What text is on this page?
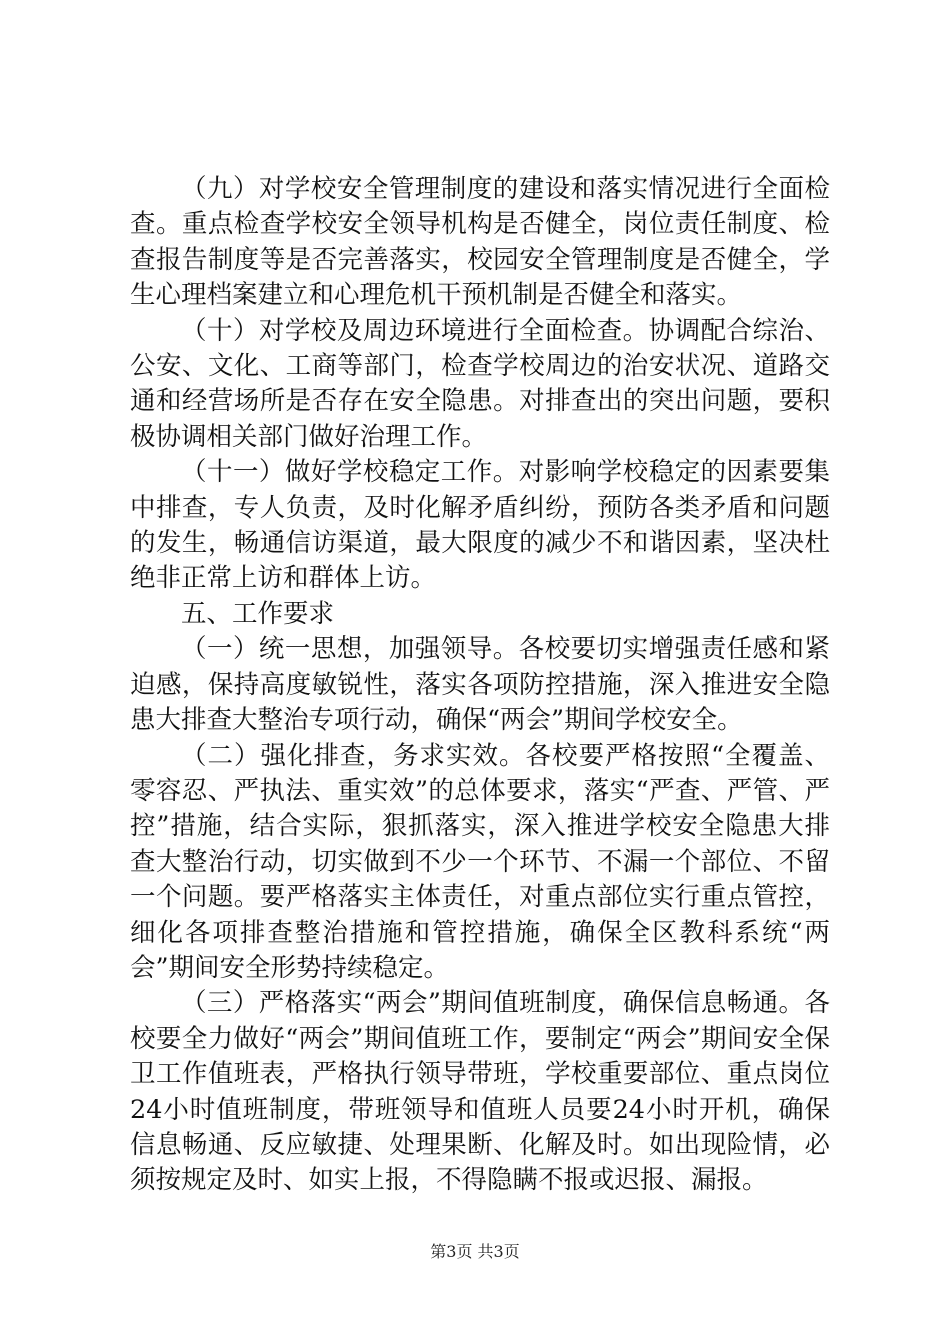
（九）对学校安全管理制度的建设和落实情况进行全面检查。重点检查学校安全领导机构是否健全，岗位责任制度、检查报告制度等是否完善落实，校园安全管理制度是否健全，学生心理档案建立和心理危机干预机制是否健全和落实。

（十）对学校及周边环境进行全面检查。协调配合综治、公安、文化、工商等部门，检查学校周边的治安状况、道路交通和经营场所是否存在安全隐患。对排查出的突出问题，要积极协调相关部门做好治理工作。

（十一）做好学校稳定工作。对影响学校稳定的因素要集中排查，专人负责，及时化解矛盾纠纷，预防各类矛盾和问题的发生，畅通信访渠道，最大限度的减少不和谐因素，坚决杜绝非正常上访和群体上访。

五、工作要求

（一）统一思想，加强领导。各校要切实增强责任感和紧迫感，保持高度敏锐性，落实各项防控措施，深入推进安全隐患大排查大整治专项行动，确保“两会”期间学校安全。

（二）强化排查，务求实效。各校要严格按照“全覆盖、零容忍、严执法、重实效”的总体要求，落实“严查、严管、严控”措施，结合实际，狠抓落实，深入推进学校安全隐患大排查大整治行动，切实做到不少一个环节、不漏一个部位、不留一个问题。要严格落实主体责任，对重点部位实行重点管控，细化各项排查整治措施和管控措施，确保全区教科系统“两会”期间安全形势持续稳定。

（三）严格落实“两会”期间值班制度，确保信息畅通。各校要全力做好“两会”期间值班工作，要制定“两会”期间安全保卫工作值班表，严格执行领导带班，学校重要部位、重点岗位24小时值班制度，带班领导和值班人员要24小时开机，确保信息畅通、反应敏捷、处理果断、化解及时。如出现险情，必须按规定及时、如实上报，不得隐瞒不报或迟报、漏报。

第3页 共3页
